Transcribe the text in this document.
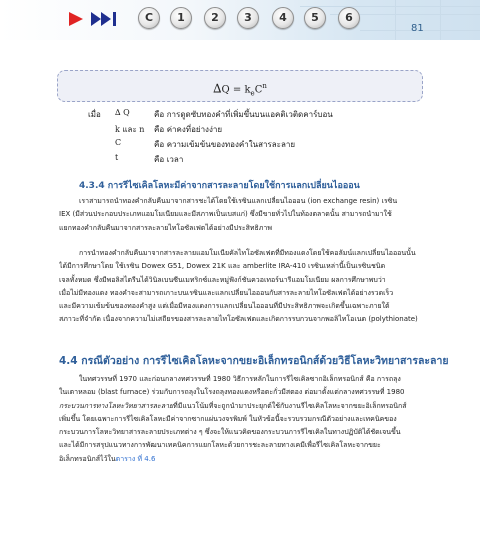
C	1	2	3	4	5	6
81
$\Delta Q = k_eC^n$
เมื่อ ∆ Q	คือ การดูดซับทองคำที่เพิ่มขึ้นบนแอคติเวติดคาร์บอน
k และ n คือ ค่าคงที่อย่างง่าย
C	คือ ความเข้มข้นของทองคำในสารละลาย
t	คือ เวลา
4.3.4 การรีไซเคิลโลหะมีค่าจากสารละลายโดยใช้การแลกเปลี่ยนไอออน
เราสามารถนำทองคำกลับคืนมาจากสารชะได้โดยใช้เรซินแลกเปลี่ยนไอออน (ion exchange resin) เรซิน
IEX (มีส่วนประกอบประเภทแอมโมเนียมและมีสภาพเป็นเบสแก่) ซึ่งมีขายทั่วไปในท้องตลาดนั้น สามารถนำมาใช้
แยกทองคำกลับคืนมาจากสารละลายไทโอซัลเฟตได้อย่างมีประสิทธิภาพ
การนำทองคำกลับคืนมาจากสารละลายแอมโมเนียคัลไทโอซัลเฟตที่มีทองแดงโดยใช้คอลัมน์แลกเปลี่ยนไอออนนั้น
ได้มีการศึกษาโดย ใช้เรซิน Dowex G51, Dowex 21K และ amberlite IRA-410 เรซินเหล่านี้เป็นเรซินชนิด
เจลทั้งหมด ซึ่งมีพอลิสไตรีนได้วินิลเบนซีนเมทริกซ์และหมู่ฟังก์ชันควอเทอร์นารีแอมโมเนียม ผลการศึกษาพบว่า
เมื่อไม่มีทองแดง ทองคำจะสามารถเกาะบนเรซินและแลกเปลี่ยนไอออนกับสารละลายไทโอซัลเฟตได้อย่างรวดเร็ว
และมีความเข้มข้นของทองคำสูง แต่เมื่อมีทองแดงการแลกเปลี่ยนไอออนที่มีประสิทธิภาพจะเกิดขึ้นเฉพาะภายใต้
สภาวะที่จำกัด เนื่องจากความไม่เสถียรของสารละลายไทโอซัลเฟตและเกิดการรบกวนจากพอลิไทโอเนต (polythionate)
4.4 กรณีตัวอย่าง การรีไซเคิลโลหะจากขยะอิเล็กทรอนิกส์ด้วยวิธีโลหะวิทยาสารละลาย
ในทศวรรษที่ 1970 และก่อนกลางทศวรรษที่ 1980 วิธีการหลักในการรีไซเคิลซากอิเล็กทรอนิกส์ คือ การถลุง
ในเตาหลอม (blast furnace) ร่วมกับการถลุงในโรงถลุงทองแดงหรือตะกั่วมีสตอง ต่อมาตั้งแต่กลางทศวรรษที่ 1980
กระบวนการทางโลหะวิทยาสารละลายที่มีแนวโน้มที่จะถูกนำมาประยุกต์ใช้กับงานรีไซเคิลโลหะจากขยะอิเล็กทรอนิกส์
เพิ่มขึ้น โดยเฉพาะการรีไซเคิลโลหะมีค่าจากซากแผ่นวงจรพิมพ์ ในหัวข้อนี้จะรวบรวมกรณีตัวอย่างและเทคนิคของ
กระบวนการโลหะวิทยาสารละลายประเภทต่าง ๆ ซึ่งจะให้แนวคิดของกระบวนการรีไซเคิลในทางปฏิบัติได้ชัดเจนขึ้น
และได้มีการสรุปแนวทางการพัฒนาเทคนิคการแยกโลหะด้วยการชะละลายทางเคมีเพื่อรีไซเคิลโลหะจากขยะ
อิเล็กทรอนิกส์ไว้ในตาราง ที่ 4.6
